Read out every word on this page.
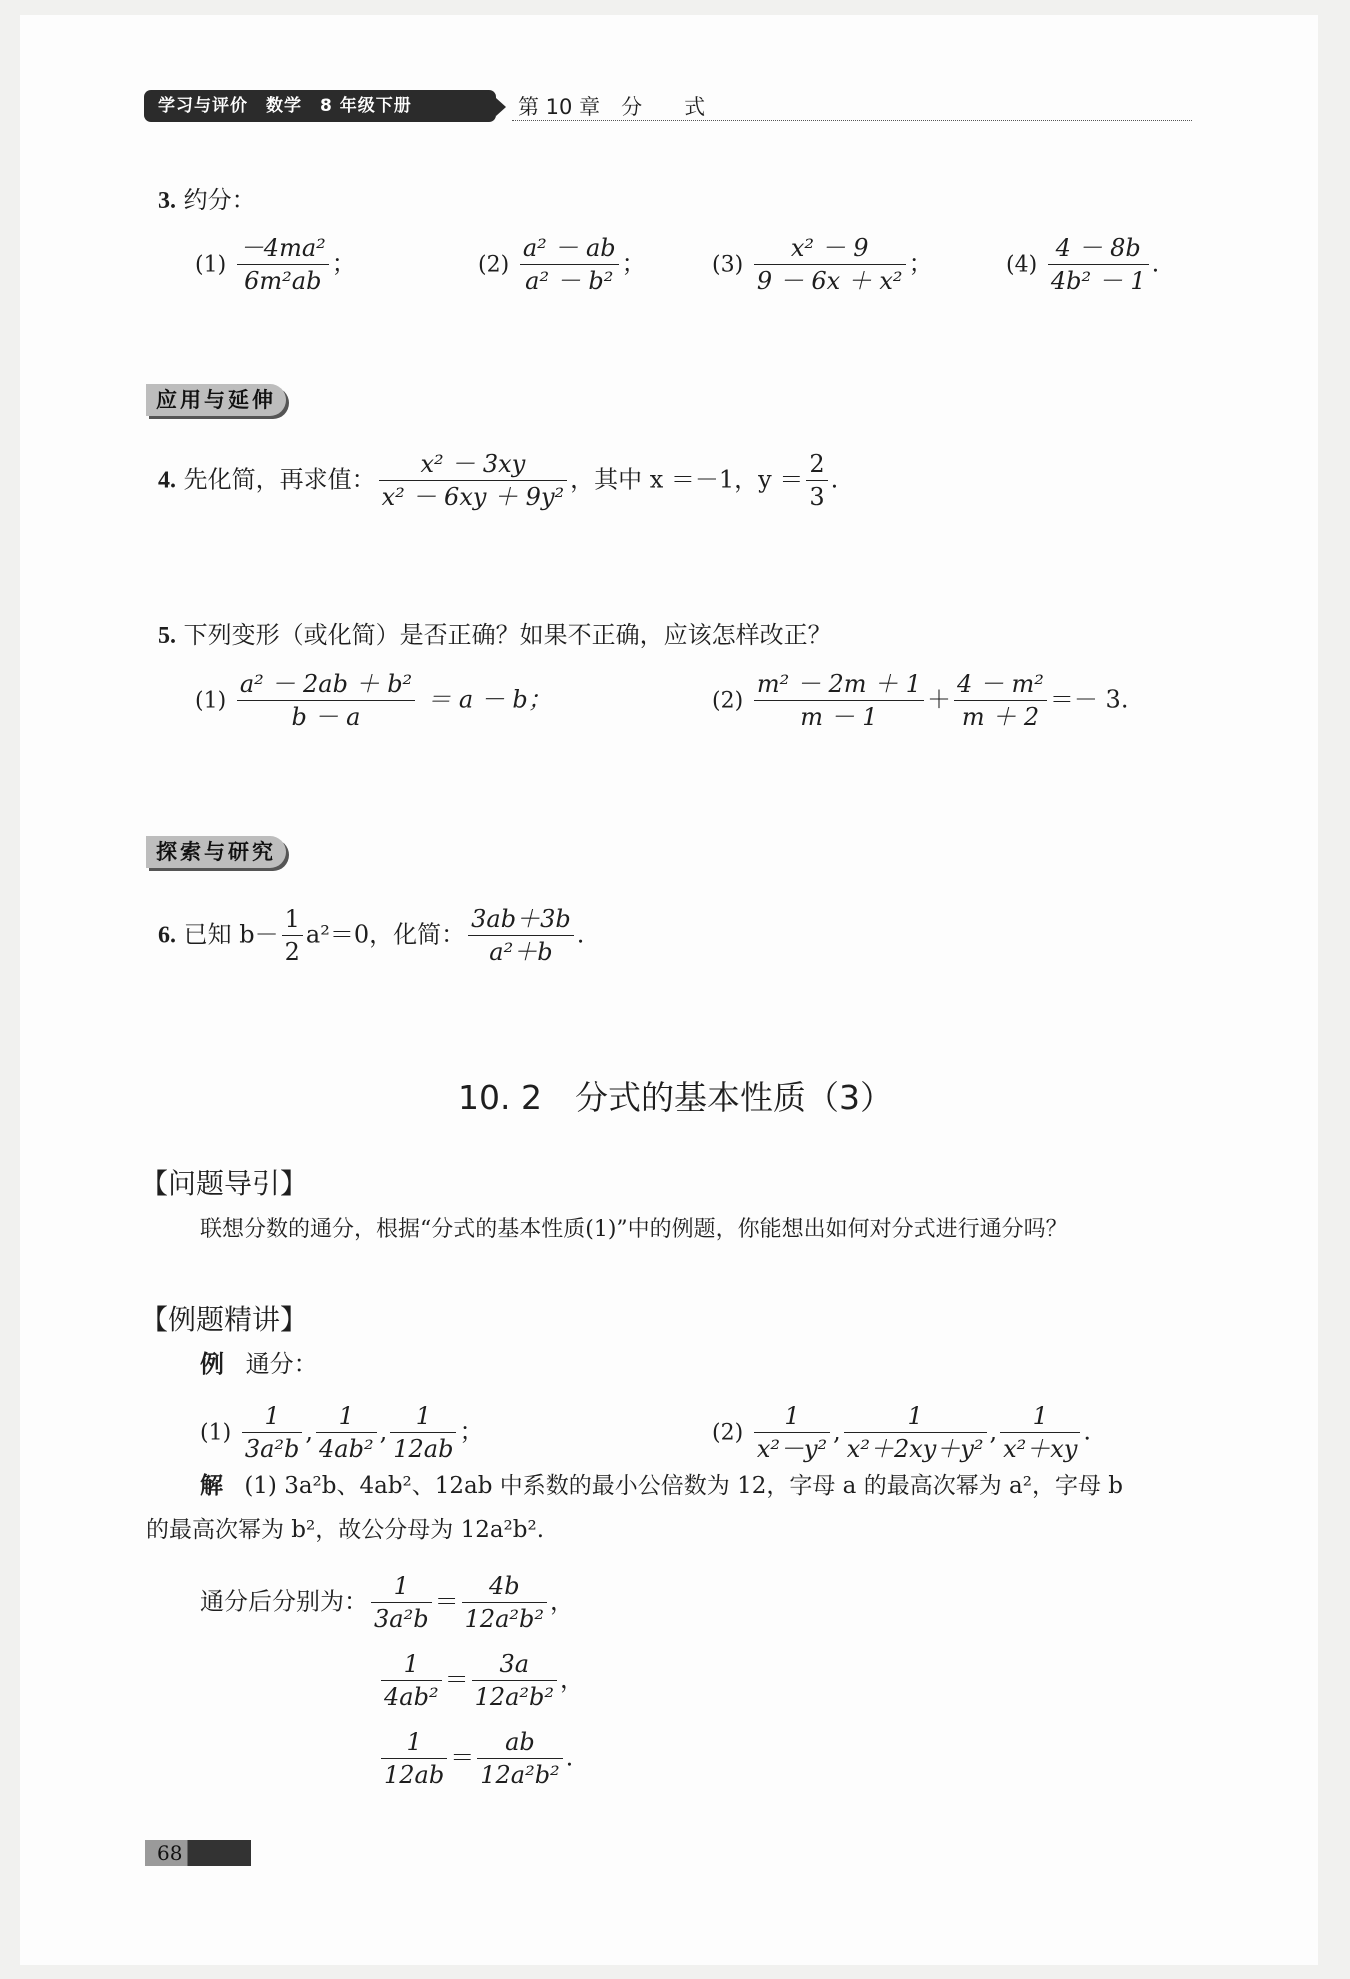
学习与评价　数学　8 年级下册	第 10 章　分　　式
3. 约分：
$(1) \frac{\text{－4ma²}}{\text{6m²ab}}$ ；	$(2) \frac{\text{a² － ab}}{\text{a² － b²}}$ ；	$(3) \frac{\text{x² － 9}}{\text{9 － 6x ＋ x²}}$ ；	$(4) \frac{4 - 8b}{\text{4b² － 1}}$ .
应用与延伸
4. 先化简，再求值： $\frac{\text{x² － 3xy}}{\text{x² － 6xy ＋ 9y²}}$ ，其中 x ＝－1，$y = \frac{2}{3}$ .
5. 下列变形（或化简）是否正确？如果不正确，应该怎样改正？
$(1) \frac{\text{a² － 2ab ＋ b²}}{b - a} = a - b$；	$(2) \frac{\text{m² － 2m ＋ 1}}{m - 1} + \frac{\text{4 － m²}}{m + 2} =- 3$.
探索与研究
6. 已知 $b- \frac{1}{2} a^2=0$，化简： $\frac{3ab+3b}{\text{a²＋b}}$ .
10. 2　分式的基本性质（3）
【问题导引】
联想分数的通分，根据“分式的基本性质(1)”中的例题，你能想出如何对分式进行通分吗？
【例题精讲】
例 通分：
$(1) \frac{1}{\text{3a²b}}$ , $\frac{1}{\text{4ab²}}$ , $\frac{1}{12ab}$ ；	$(2) \frac{1}{\text{x²－y²}}$ , $\frac{1}{\text{x²＋2xy＋y²}}$ , $\frac{1}{\text{x²＋xy}}$ .
解 (1) 3a²b、4ab²、12ab 中系数的最小公倍数为 12，字母 a 的最高次幂为 a²，字母 b
的最高次幂为 b²，故公分母为 12a²b².
通分后分别为： $\frac{1}{\text{3a²b}} = \frac{4b}{\text{12a²b²}}$ ，
$\frac{1}{\text{4ab²}} = \frac{3a}{\text{12a²b²}}$ ，
$\frac{1}{12ab} = \frac{ab}{\text{12a²b²}}$ .
68
